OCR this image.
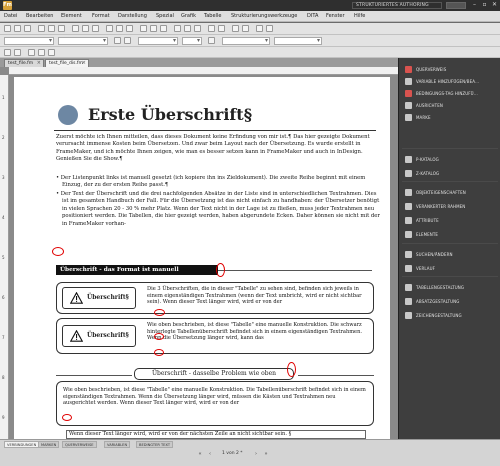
Fm	STRUKTURIERTES AUTHORING	–	▫ ✕
Datei Bearbeiten Element Format Darstellung Spezial Grafik Tabelle Strukturierungswerkzeuge DITA Fenster Hilfe
▾
▾
▾
▾
▾
▾
test_file.fm ×	test_file_dis.fm
×
1
2
3
4
5
6
7
8
9
Erste Überschrift§
Zuerst möchte ich Ihnen mitteilen, dass dieses Dokument keine Erfindung von mir ist.¶ Das hier gezeigte Dokument verursacht immense Kosten beim Übersetzen. Und zwar beim Layout nach der Übersetzung. Es wurde erstellt in FrameMaker, und ich möchte Ihnen zeigen, wie man es besser setzen kann in FrameMaker und auch in InDesign. Genießen Sie die Show.¶
• Der Listenpunkt links ist manuell gesetzt (ich kopiere ihn ins Zieldokument). Die zweite Reihe beginnt mit einem Einzug, der zu der ersten Reihe passt.¶
• Der Text der Überschrift und die drei nachfolgenden Absätze in der Liste sind in unterschiedlichen Textrahmen. Dies ist im gesamten Handbuch der Fall. Für die Übersetzung ist das nicht einfach zu handhaben: der Übersetzer benötigt in vielen Sprachen 20 - 30 % mehr Platz. Wenn der Text nicht in der Lage ist zu fließen, muss jeder Textrahmen neu positioniert werden. Die Tabellen, die hier gezeigt werden, haben abgerundete Ecken. Daher können sie nicht mit der in FrameMaker vorhan-
Überschrift - das Format ist manuell
Überschrift§
Die 3 Überschriften, die in dieser "Tabelle" zu sehen sind, befinden sich jeweils in einem eigenständigen Textrahmen (wenn der Text umbricht, wird er nicht sichtbar sein). Wenn dieser Text länger wird, wird er von der
Überschrift§
Wie oben beschrieben, ist diese "Tabelle" eine manuelle Konstruktion. Die schwarz hinterlegte Tabellenüberschrift befindet sich in einem eigenständigen Textrahmen. Wenn die Übersetzung länger wird, kann das
Überschrift - dasselbe Problem wie oben
Wie oben beschrieben, ist diese "Tabelle" eine manuelle Konstruktion. Die Tabellenüberschrift befindet sich in einem eigenständigen Textrahmen. Wenn die Übersetzung länger wird, müssen die Kästen und Textrahmen neu ausgerichtet werden. Wenn dieser Text länger wird, wird er von der
Wenn dieser Text länger wird, wird er von der nächsten Zeile an nicht sichtbar sein. §
QUERVERWEIS
VARIABLE HINZUFÜGEN/BEA...
BEDINGUNGS-TAG HINZUFÜ...
AUSRICHTEN
MARKE
P-KATALOG
Z-KATALOG
OBJEKTEIGENSCHAFTEN
VERANKERTER RAHMEN
ATTRIBUTE
ELEMENTE
SUCHEN/ÄNDERN
VERLAUF
TABELLENGESTALTUNG
ABSATZGESTALTUNG
ZEICHENGESTALTUNG
VERBINDUNGEN	MARKEN	QUERVERWEISE	VARIABLEN	BEDINGTER TEXT
«	‹	1 von 2 *	›	»
